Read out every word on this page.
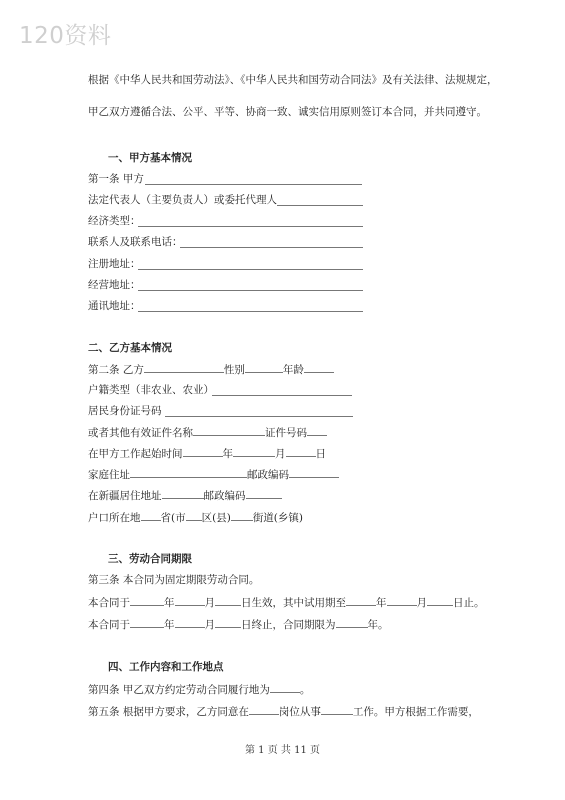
120资料
根据《中华人民共和国劳动法》、《中华人民共和国劳动合同法》及有关法律、法规规定，
甲乙双方遵循合法、公平、平等、协商一致、诚实信用原则签订本合同，并共同遵守。
一、甲方基本情况
第一条 甲方
法定代表人（主要负责人）或委托代理人
经济类型：
联系人及联系电话：
注册地址：
经营地址：
通讯地址：
二、乙方基本情况
第二条 乙方	性别	年龄
户籍类型（非农业、农业）
居民身份证号码
或者其他有效证件名称	证件号码
在甲方工作起始时间	年	月	日
家庭住址	邮政编码
在新疆居住地址	邮政编码
户口所在地 省(市 区(县) 街道(乡镇)
三、劳动合同期限
第三条 本合同为固定期限劳动合同。
本合同于	年	月 日生效，其中试用期至	年	月 日止。
本合同于	年	月 日终止，合同期限为	年。
四、工作内容和工作地点
第四条 甲乙双方约定劳动合同履行地为	。
第五条 根据甲方要求，乙方同意在	岗位从事	工作。甲方根据工作需要，
第 1 页 共 11 页
